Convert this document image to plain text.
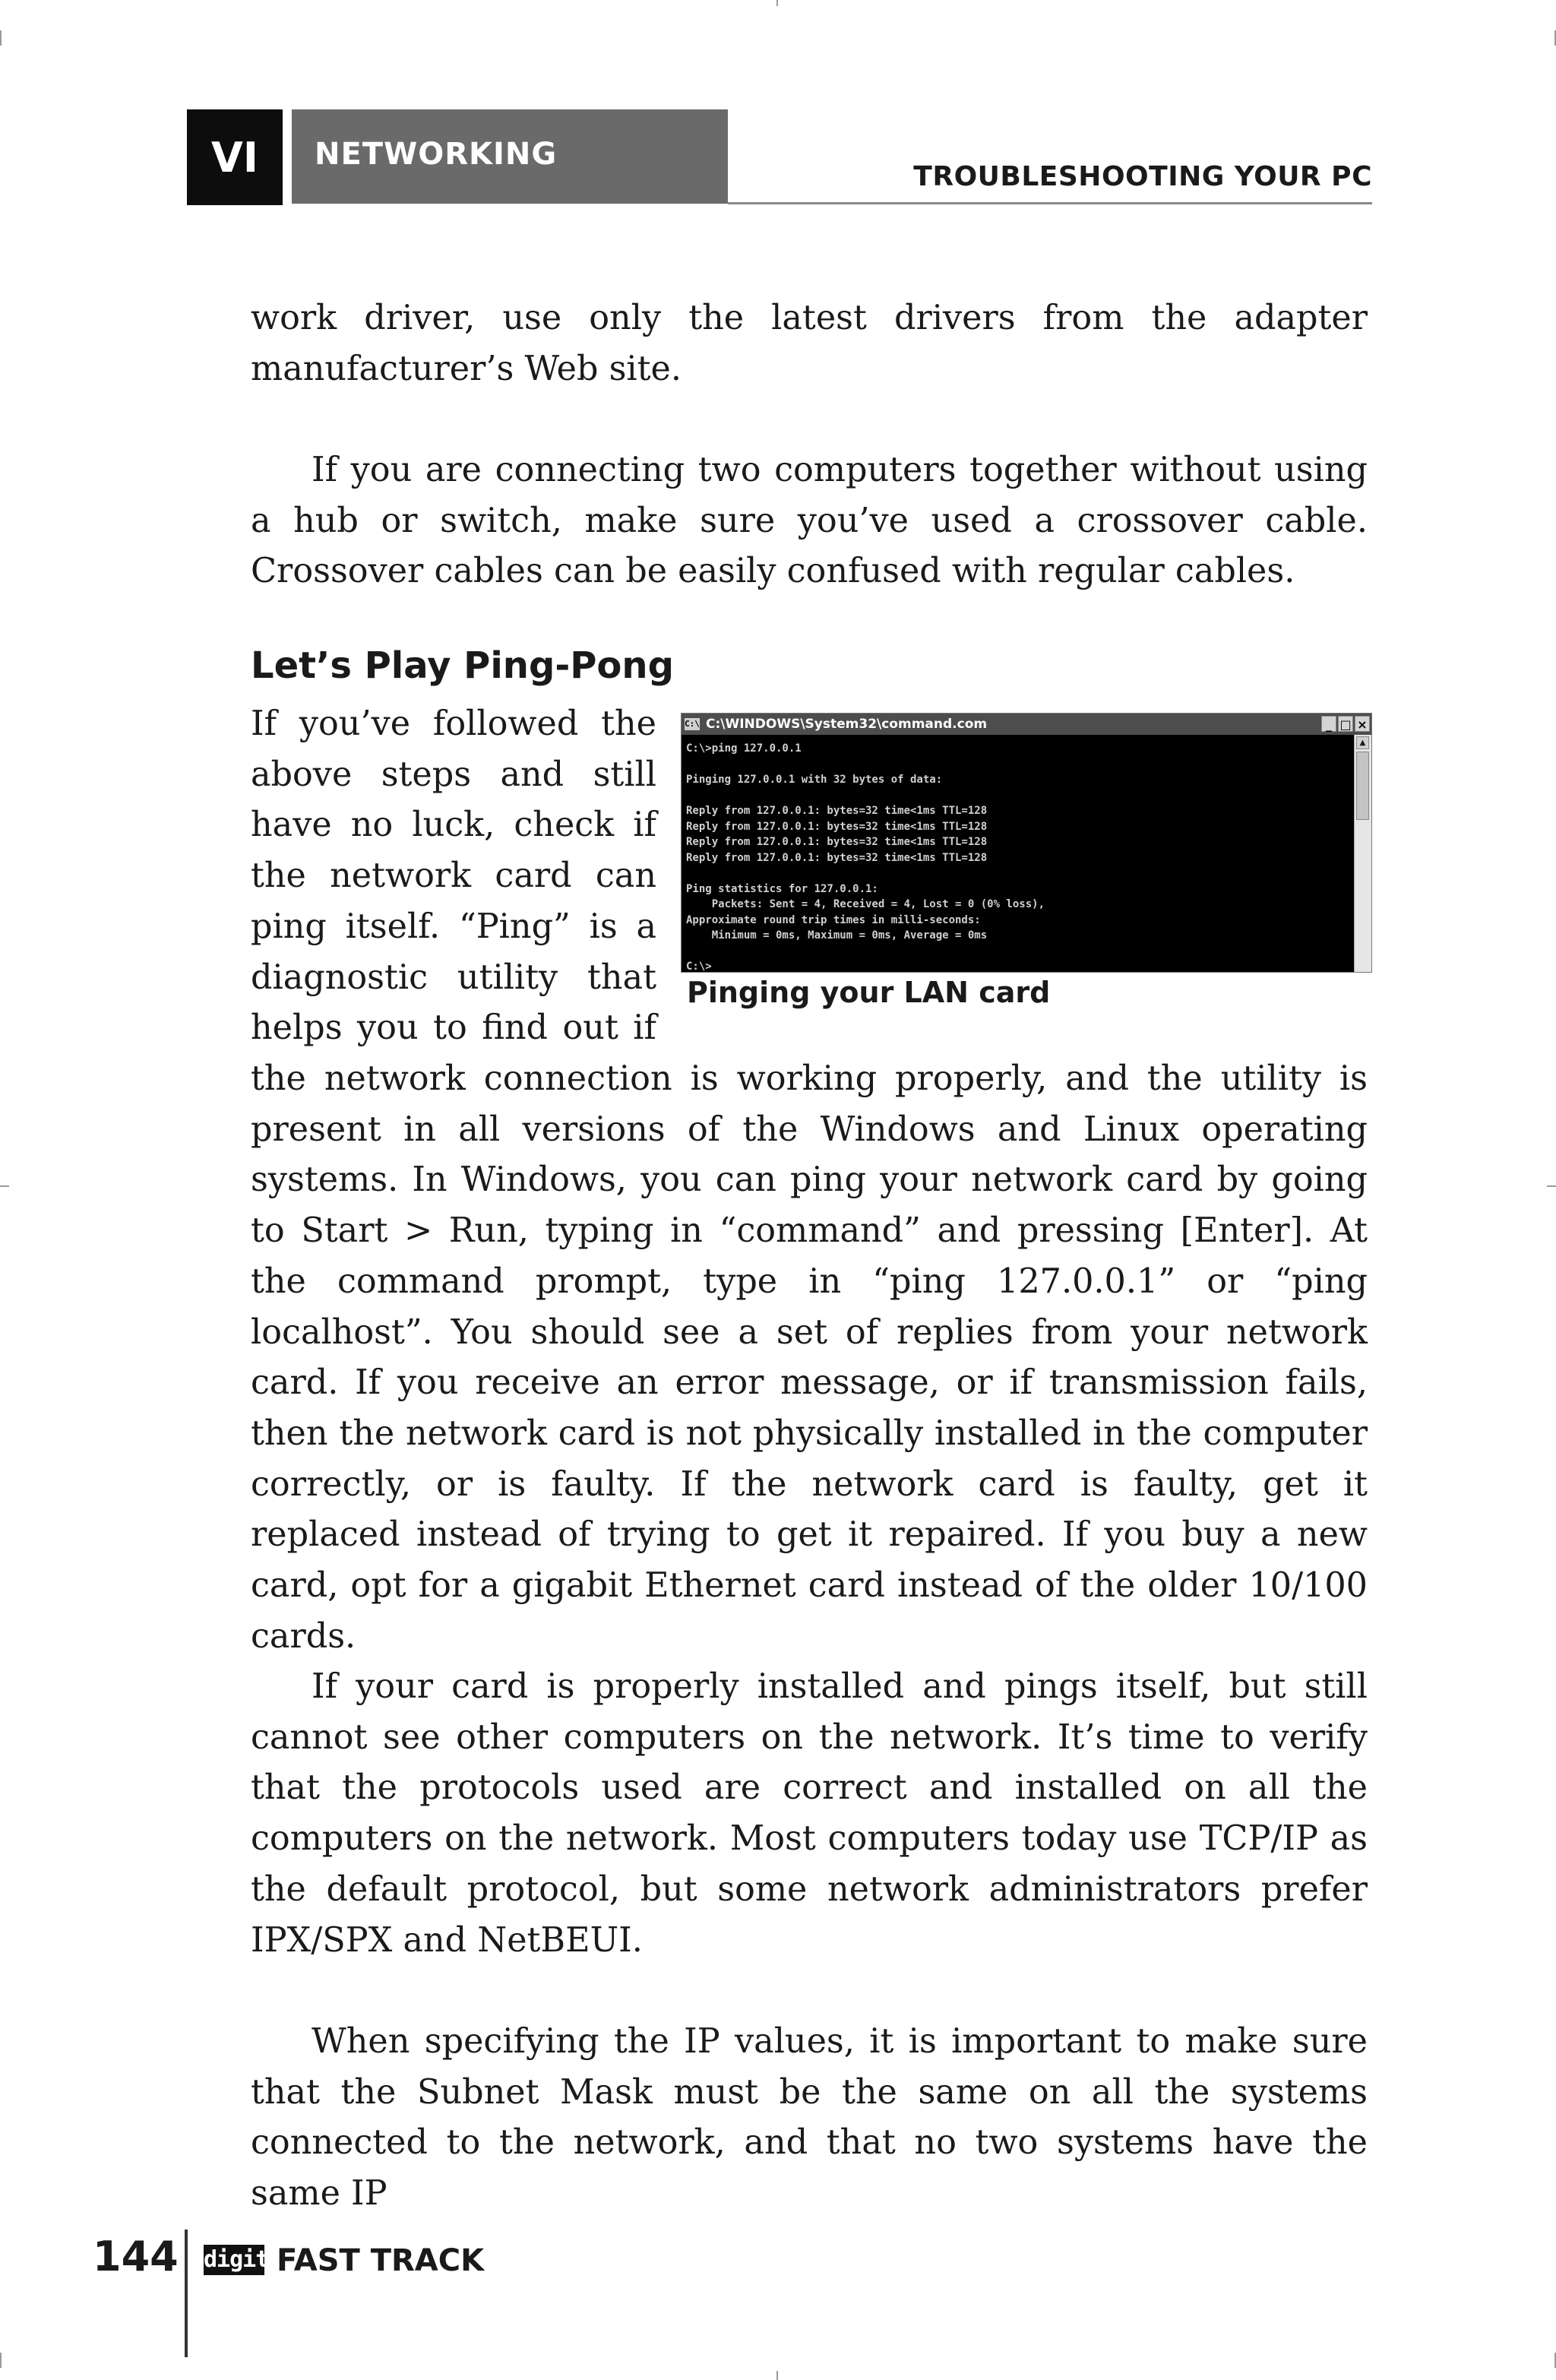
VI	NETWORKING
TROUBLESHOOTING YOUR PC

work driver, use only the latest drivers from the adapter manufacturer’s Web site.

If you are connecting two computers together without using a hub or switch, make sure you’ve used a crossover cable. Crossover cables can be easily confused with regular cables.

Let’s Play Ping-Pong
If you’ve followed the
above steps and still
have no luck, check if
the network card can
ping itself. “Ping” is a
diagnostic utility that
helps you to find out if
C:\ C:\WINDOWS\System32\command.com	_ □ ×
C:\>ping 127.0.0.1

Pinging 127.0.0.1 with 32 bytes of data:

Reply from 127.0.0.1: bytes=32 time<1ms TTL=128
Reply from 127.0.0.1: bytes=32 time<1ms TTL=128
Reply from 127.0.0.1: bytes=32 time<1ms TTL=128
Reply from 127.0.0.1: bytes=32 time<1ms TTL=128

Ping statistics for 127.0.0.1:
Packets: Sent = 4, Received = 4, Lost = 0 (0% loss),
Approximate round trip times in milli-seconds:
Minimum = 0ms, Maximum = 0ms, Average = 0ms

C:\>
▲
Pinging your LAN card

the network connection is working properly, and the utility is present in all versions of the Windows and Linux operating systems. In Windows, you can ping your network card by going to Start > Run, typing in “command” and pressing [Enter]. At the command prompt, type in “ping 127.0.0.1” or “ping localhost”. You should see a set of replies from your network card. If you receive an error message, or if transmission fails, then the network card is not physically installed in the computer correctly, or is faulty. If the network card is faulty, get it replaced instead of trying to get it repaired. If you buy a new card, opt for a gigabit Ethernet card instead of the older 10/100 cards.

If your card is properly installed and pings itself, but still cannot see other computers on the network. It’s time to verify that the protocols used are correct and installed on all the computers on the network. Most computers today use TCP/IP as the default protocol, but some network administrators prefer IPX/SPX and NetBEUI.

When specifying the IP values, it is important to make sure that the Subnet Mask must be the same on all the systems connected to the network, and that no two systems have the same IP

144 digit FAST TRACK
